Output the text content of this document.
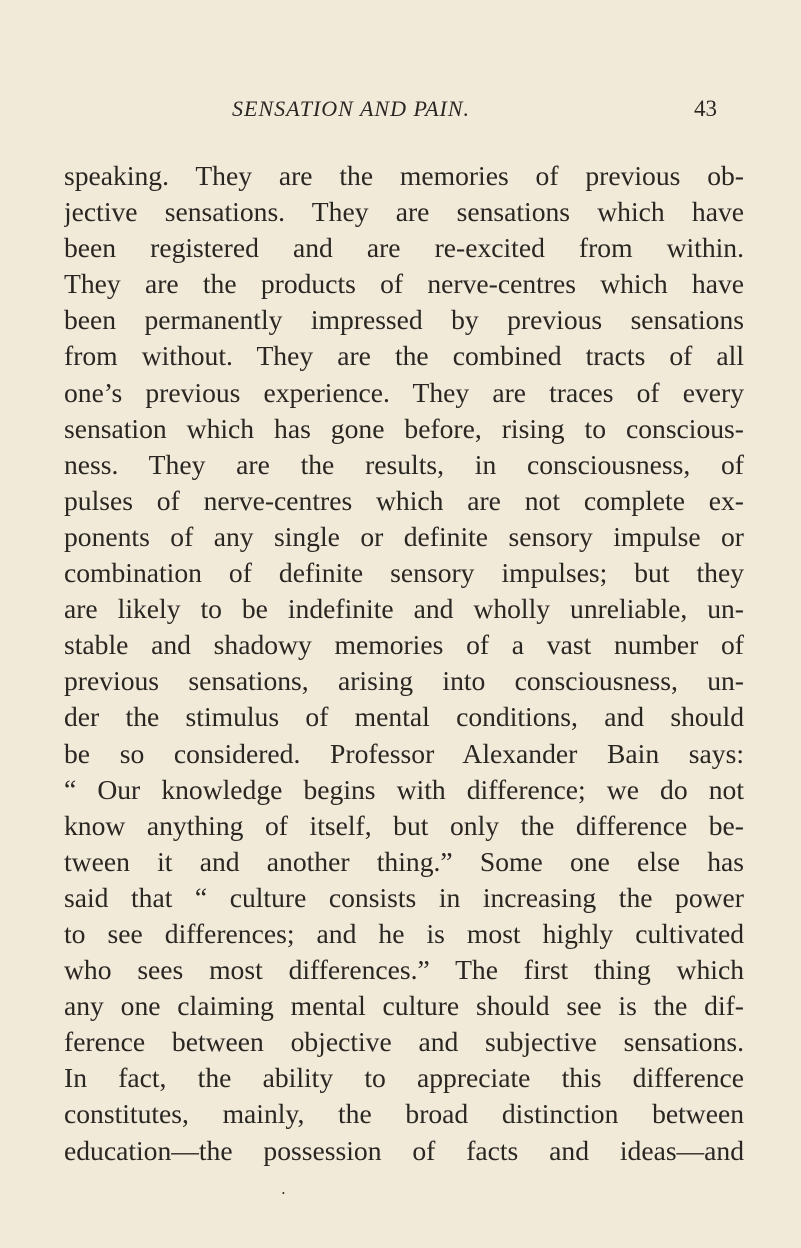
SENSATION AND PAIN.	43
speaking. They are the memories of previous ob-
jective sensations. They are sensations which have
been registered and are re-excited from within.
They are the products of nerve-centres which have
been permanently impressed by previous sensations
from without. They are the combined tracts of all
one’s previous experience. They are traces of every
sensation which has gone before, rising to conscious-
ness. They are the results, in consciousness, of
pulses of nerve-centres which are not complete ex-
ponents of any single or definite sensory impulse or
combination of definite sensory impulses; but they
are likely to be indefinite and wholly unreliable, un-
stable and shadowy memories of a vast number of
previous sensations, arising into consciousness, un-
der the stimulus of mental conditions, and should
be so considered. Professor Alexander Bain says:
“ Our knowledge begins with difference; we do not
know anything of itself, but only the difference be-
tween it and another thing.” Some one else has
said that “ culture consists in increasing the power
to see differences; and he is most highly cultivated
who sees most differences.” The first thing which
any one claiming mental culture should see is the dif-
ference between objective and subjective sensations.
In fact, the ability to appreciate this difference
constitutes, mainly, the broad distinction between
education—the possession of facts and ideas—and
•
